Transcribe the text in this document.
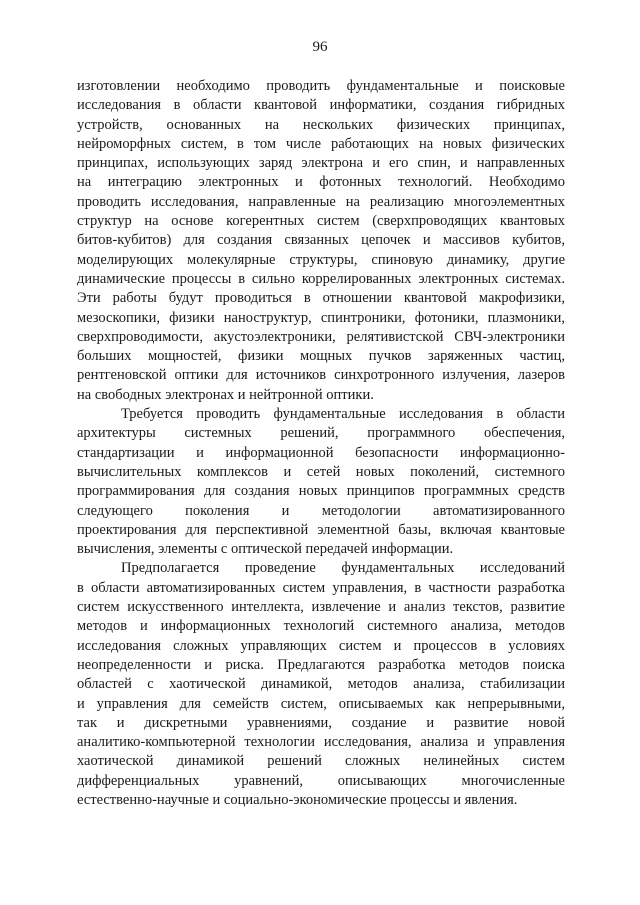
96
изготовлении необходимо проводить фундаментальные и поисковые
исследования в области квантовой информатики, создания гибридных
устройств, основанных на нескольких физических принципах,
нейроморфных систем, в том числе работающих на новых физических
принципах, использующих заряд электрона и его спин, и направленных
на интеграцию электронных и фотонных технологий. Необходимо
проводить исследования, направленные на реализацию многоэлементных
структур на основе когерентных систем (сверхпроводящих квантовых
битов-кубитов) для создания связанных цепочек и массивов кубитов,
моделирующих молекулярные структуры, спиновую динамику, другие
динамические процессы в сильно коррелированных электронных системах.
Эти работы будут проводиться в отношении квантовой макрофизики,
мезоскопики, физики наноструктур, спинтроники, фотоники, плазмоники,
сверхпроводимости, акустоэлектроники, релятивистской СВЧ-электроники
больших мощностей, физики мощных пучков заряженных частиц,
рентгеновской оптики для источников синхротронного излучения, лазеров
на свободных электронах и нейтронной оптики.
Требуется проводить фундаментальные исследования в области
архитектуры системных решений, программного обеспечения,
стандартизации и информационной безопасности информационно-
вычислительных комплексов и сетей новых поколений, системного
программирования для создания новых принципов программных средств
следующего поколения и методологии автоматизированного
проектирования для перспективной элементной базы, включая квантовые
вычисления, элементы с оптической передачей информации.
Предполагается проведение фундаментальных исследований
в области автоматизированных систем управления, в частности разработка
систем искусственного интеллекта, извлечение и анализ текстов, развитие
методов и информационных технологий системного анализа, методов
исследования сложных управляющих систем и процессов в условиях
неопределенности и риска. Предлагаются разработка методов поиска
областей с хаотической динамикой, методов анализа, стабилизации
и управления для семейств систем, описываемых как непрерывными,
так и дискретными уравнениями, создание и развитие новой
аналитико-компьютерной технологии исследования, анализа и управления
хаотической динамикой решений сложных нелинейных систем
дифференциальных уравнений, описывающих многочисленные
естественно-научные и социально-экономические процессы и явления.
